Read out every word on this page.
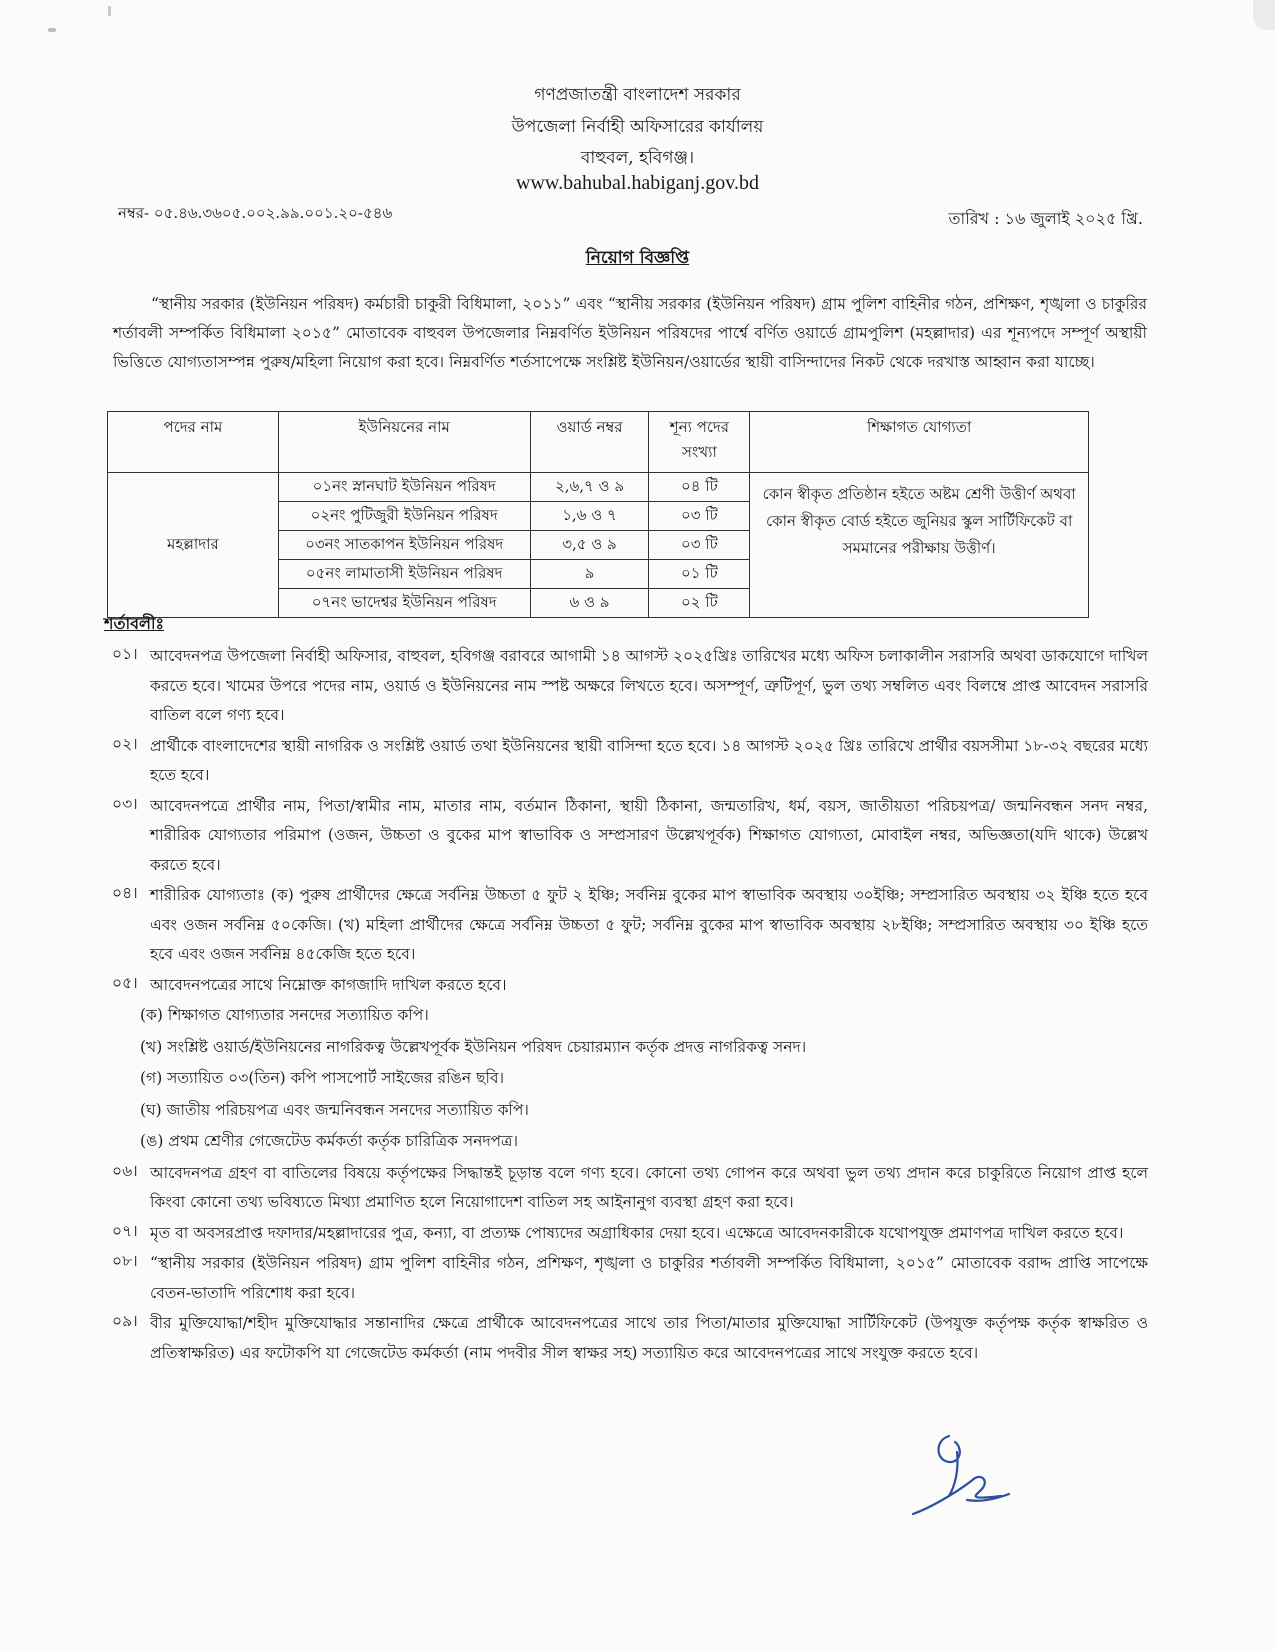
গণপ্রজাতন্ত্রী বাংলাদেশ সরকার
উপজেলা নির্বাহী অফিসারের কার্যালয়
বাহুবল, হবিগঞ্জ।
www.bahubal.habiganj.gov.bd
নম্বর- ০৫.৪৬.৩৬০৫.০০২.৯৯.০০১.২০-৫৪৬	তারিখ : ১৬ জুলাই ২০২৫ খ্রি.
নিয়োগ বিজ্ঞপ্তি

“স্থানীয় সরকার (ইউনিয়ন পরিষদ) কর্মচারী চাকুরী বিধিমালা, ২০১১” এবং “স্থানীয় সরকার (ইউনিয়ন পরিষদ) গ্রাম পুলিশ বাহিনীর গঠন, প্রশিক্ষণ, শৃঙ্খলা ও চাকুরির শর্তাবলী সম্পর্কিত বিধিমালা ২০১৫” মোতাবেক বাহুবল উপজেলার নিম্নবর্ণিত ইউনিয়ন পরিষদের পার্শ্বে বর্ণিত ওয়ার্ডে গ্রামপুলিশ (মহল্লাদার) এর শূন্যপদে সম্পূর্ণ অস্থায়ী ভিত্তিতে যোগ্যতাসম্পন্ন পুরুষ/মহিলা নিয়োগ করা হবে। নিম্নবর্ণিত শর্তসাপেক্ষে সংশ্লিষ্ট ইউনিয়ন/ওয়ার্ডের স্থায়ী বাসিন্দাদের নিকট থেকে দরখাস্ত আহ্বান করা যাচ্ছে।

পদের নাম	ইউনিয়নের নাম	ওয়ার্ড নম্বর	শূন্য পদের সংখ্যা	শিক্ষাগত যোগ্যতা
মহল্লাদার	০১নং স্নানঘাট ইউনিয়ন পরিষদ	২,৬,৭ ও ৯	০৪ টি	কোন স্বীকৃত প্রতিষ্ঠান হইতে অষ্টম শ্রেণী উত্তীর্ণ অথবা কোন স্বীকৃত বোর্ড হইতে জুনিয়র স্কুল সার্টিফিকেট বা সমমানের পরীক্ষায় উত্তীর্ণ।
	০২নং পুটিজুরী ইউনিয়ন পরিষদ	১,৬ ও ৭	০৩ টি	
	০৩নং সাতকাপন ইউনিয়ন পরিষদ	৩,৫ ও ৯	০৩ টি	
	০৫নং লামাতাসী ইউনিয়ন পরিষদ	৯	০১ টি	
	০৭নং ভাদেশ্বর ইউনিয়ন পরিষদ	৬ ও ৯	০২ টি	
শর্তাবলীঃ
০১। আবেদনপত্র উপজেলা নির্বাহী অফিসার, বাহুবল, হবিগঞ্জ বরাবরে আগামী ১৪ আগস্ট ২০২৫খ্রিঃ তারিখের মধ্যে অফিস চলাকালীন সরাসরি অথবা ডাকযোগে দাখিল করতে হবে। খামের উপরে পদের নাম, ওয়ার্ড ও ইউনিয়নের নাম স্পষ্ট অক্ষরে লিখতে হবে। অসম্পূর্ণ, ত্রুটিপূর্ণ, ভুল তথ্য সম্বলিত এবং বিলম্বে প্রাপ্ত আবেদন সরাসরি বাতিল বলে গণ্য হবে।
০২। প্রার্থীকে বাংলাদেশের স্থায়ী নাগরিক ও সংশ্লিষ্ট ওয়ার্ড তথা ইউনিয়নের স্থায়ী বাসিন্দা হতে হবে। ১৪ আগস্ট ২০২৫ খ্রিঃ তারিখে প্রার্থীর বয়সসীমা ১৮-৩২ বছরের মধ্যে হতে হবে।
০৩। আবেদনপত্রে প্রার্থীর নাম, পিতা/স্বামীর নাম, মাতার নাম, বর্তমান ঠিকানা, স্থায়ী ঠিকানা, জন্মতারিখ, ধর্ম, বয়স, জাতীয়তা পরিচয়পত্র/ জন্মনিবন্ধন সনদ নম্বর, শারীরিক যোগ্যতার পরিমাপ (ওজন, উচ্চতা ও বুকের মাপ স্বাভাবিক ও সম্প্রসারণ উল্লেখপূর্বক) শিক্ষাগত যোগ্যতা, মোবাইল নম্বর, অভিজ্ঞতা(যদি থাকে) উল্লেখ করতে হবে।
০৪। শারীরিক যোগ্যতাঃ (ক) পুরুষ প্রার্থীদের ক্ষেত্রে সর্বনিম্ন উচ্চতা ৫ ফুট ২ ইঞ্চি; সর্বনিম্ন বুকের মাপ স্বাভাবিক অবস্থায় ৩০ইঞ্চি; সম্প্রসারিত অবস্থায় ৩২ ইঞ্চি হতে হবে এবং ওজন সর্বনিম্ন ৫০কেজি। (খ) মহিলা প্রার্থীদের ক্ষেত্রে সর্বনিম্ন উচ্চতা ৫ ফুট; সর্বনিম্ন বুকের মাপ স্বাভাবিক অবস্থায় ২৮ইঞ্চি; সম্প্রসারিত অবস্থায় ৩০ ইঞ্চি হতে হবে এবং ওজন সর্বনিম্ন ৪৫কেজি হতে হবে।
০৫। আবেদনপত্রের সাথে নিম্নোক্ত কাগজাদি দাখিল করতে হবে।
(ক) শিক্ষাগত যোগ্যতার সনদের সত্যায়িত কপি।
(খ) সংশ্লিষ্ট ওয়ার্ড/ইউনিয়নের নাগরিকত্ব উল্লেখপূর্বক ইউনিয়ন পরিষদ চেয়ারম্যান কর্তৃক প্রদত্ত নাগরিকত্ব সনদ।
(গ) সত্যায়িত ০৩(তিন) কপি পাসপোর্ট সাইজের রঙিন ছবি।
(ঘ) জাতীয় পরিচয়পত্র এবং জন্মনিবন্ধন সনদের সত্যায়িত কপি।
(ঙ) প্রথম শ্রেণীর গেজেটেড কর্মকর্তা কর্তৃক চারিত্রিক সনদপত্র।
০৬। আবেদনপত্র গ্রহণ বা বাতিলের বিষয়ে কর্তৃপক্ষের সিদ্ধান্তই চূড়ান্ত বলে গণ্য হবে। কোনো তথ্য গোপন করে অথবা ভুল তথ্য প্রদান করে চাকুরিতে নিয়োগ প্রাপ্ত হলে কিংবা কোনো তথ্য ভবিষ্যতে মিথ্যা প্রমাণিত হলে নিয়োগাদেশ বাতিল সহ আইনানুগ ব্যবস্থা গ্রহণ করা হবে।
০৭। মৃত বা অবসরপ্রাপ্ত দফাদার/মহল্লাদারের পুত্র, কন্যা, বা প্রত্যক্ষ পোষ্যদের অগ্রাধিকার দেয়া হবে। এক্ষেত্রে আবেদনকারীকে যথোপযুক্ত প্রমাণপত্র দাখিল করতে হবে।
০৮। “স্থানীয় সরকার (ইউনিয়ন পরিষদ) গ্রাম পুলিশ বাহিনীর গঠন, প্রশিক্ষণ, শৃঙ্খলা ও চাকুরির শর্তাবলী সম্পর্কিত বিধিমালা, ২০১৫” মোতাবেক বরাদ্দ প্রাপ্তি সাপেক্ষে বেতন-ভাতাদি পরিশোধ করা হবে।
০৯। বীর মুক্তিযোদ্ধা/শহীদ মুক্তিযোদ্ধার সন্তানাদির ক্ষেত্রে প্রার্থীকে আবেদনপত্রের সাথে তার পিতা/মাতার মুক্তিযোদ্ধা সার্টিফিকেট (উপযুক্ত কর্তৃপক্ষ কর্তৃক স্বাক্ষরিত ও প্রতিস্বাক্ষরিত) এর ফটোকপি যা গেজেটেড কর্মকর্তা (নাম পদবীর সীল স্বাক্ষর সহ) সত্যায়িত করে আবেদনপত্রের সাথে সংযুক্ত করতে হবে।
